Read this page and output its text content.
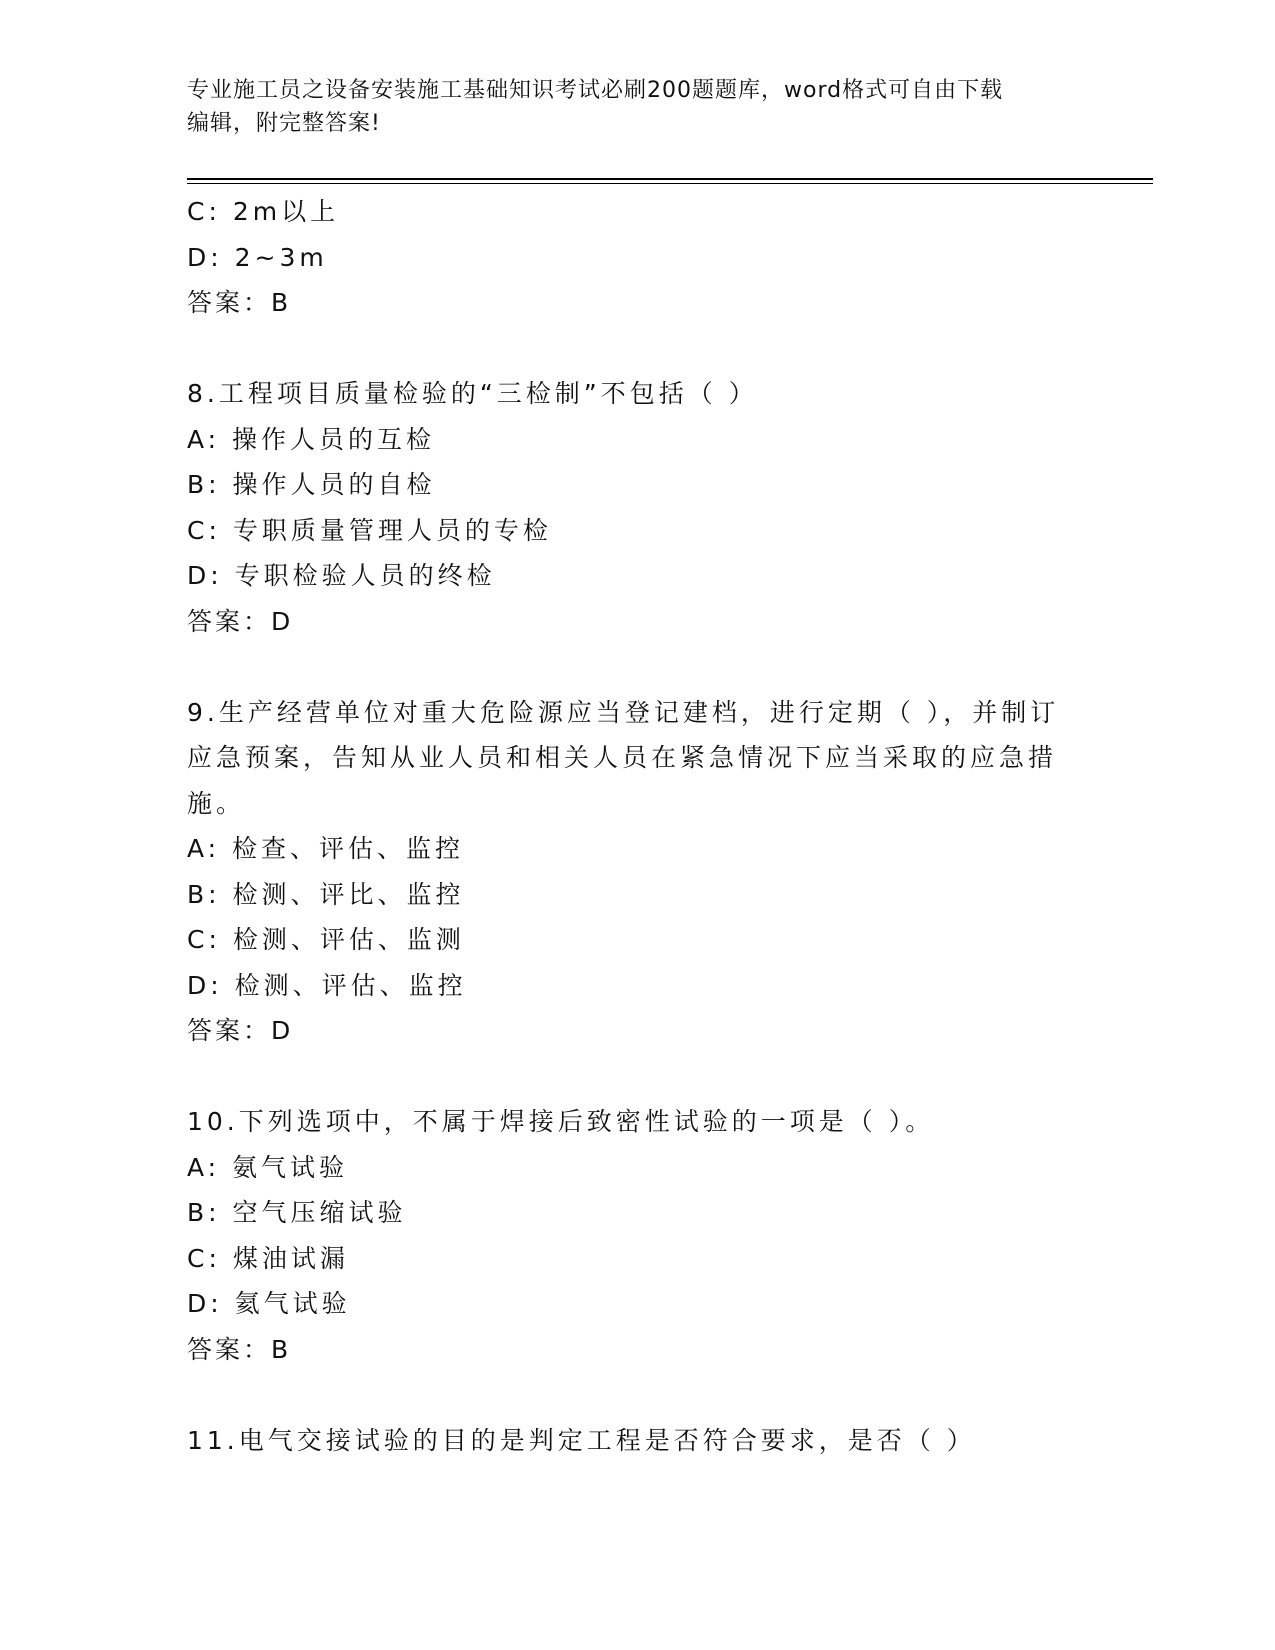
专业施工员之设备安装施工基础知识考试必刷200题题库，word格式可自由下载
编辑，附完整答案!
C: 2m以上
D: 2~3m
答案：B
8.工程项目质量检验的“三检制”不包括（ ）
A: 操作人员的互检
B: 操作人员的自检
C: 专职质量管理人员的专检
D: 专职检验人员的终检
答案：D
9.生产经营单位对重大危险源应当登记建档，进行定期（ ），并制订
应急预案，告知从业人员和相关人员在紧急情况下应当采取的应急措
施。
A: 检查、评估、监控
B: 检测、评比、监控
C: 检测、评估、监测
D: 检测、评估、监控
答案：D
10.下列选项中，不属于焊接后致密性试验的一项是（ ）。
A: 氨气试验
B: 空气压缩试验
C: 煤油试漏
D: 氦气试验
答案：B
11.电气交接试验的目的是判定工程是否符合要求，是否（ ）
